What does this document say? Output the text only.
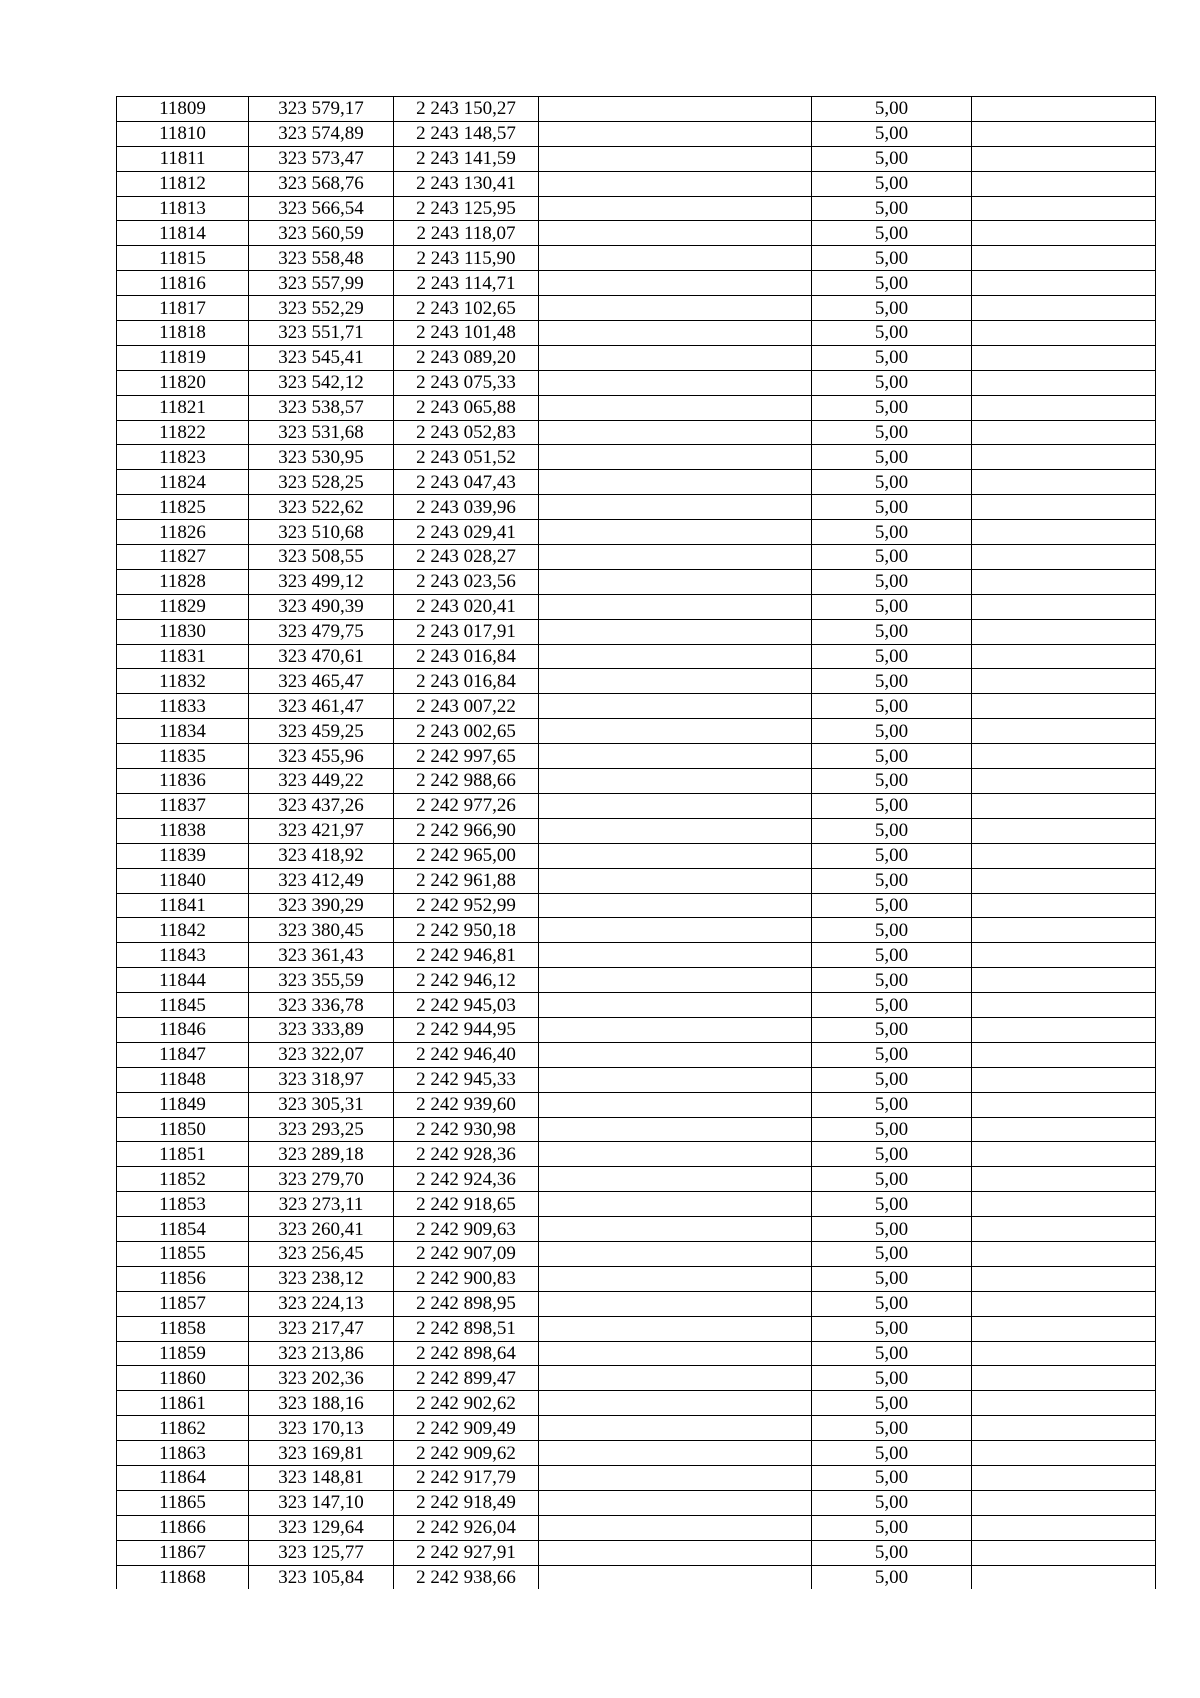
11809	323 579,17	2 243 150,27		5,00	
11810	323 574,89	2 243 148,57		5,00	
11811	323 573,47	2 243 141,59		5,00	
11812	323 568,76	2 243 130,41		5,00	
11813	323 566,54	2 243 125,95		5,00	
11814	323 560,59	2 243 118,07		5,00	
11815	323 558,48	2 243 115,90		5,00	
11816	323 557,99	2 243 114,71		5,00	
11817	323 552,29	2 243 102,65		5,00	
11818	323 551,71	2 243 101,48		5,00	
11819	323 545,41	2 243 089,20		5,00	
11820	323 542,12	2 243 075,33		5,00	
11821	323 538,57	2 243 065,88		5,00	
11822	323 531,68	2 243 052,83		5,00	
11823	323 530,95	2 243 051,52		5,00	
11824	323 528,25	2 243 047,43		5,00	
11825	323 522,62	2 243 039,96		5,00	
11826	323 510,68	2 243 029,41		5,00	
11827	323 508,55	2 243 028,27		5,00	
11828	323 499,12	2 243 023,56		5,00	
11829	323 490,39	2 243 020,41		5,00	
11830	323 479,75	2 243 017,91		5,00	
11831	323 470,61	2 243 016,84		5,00	
11832	323 465,47	2 243 016,84		5,00	
11833	323 461,47	2 243 007,22		5,00	
11834	323 459,25	2 243 002,65		5,00	
11835	323 455,96	2 242 997,65		5,00	
11836	323 449,22	2 242 988,66		5,00	
11837	323 437,26	2 242 977,26		5,00	
11838	323 421,97	2 242 966,90		5,00	
11839	323 418,92	2 242 965,00		5,00	
11840	323 412,49	2 242 961,88		5,00	
11841	323 390,29	2 242 952,99		5,00	
11842	323 380,45	2 242 950,18		5,00	
11843	323 361,43	2 242 946,81		5,00	
11844	323 355,59	2 242 946,12		5,00	
11845	323 336,78	2 242 945,03		5,00	
11846	323 333,89	2 242 944,95		5,00	
11847	323 322,07	2 242 946,40		5,00	
11848	323 318,97	2 242 945,33		5,00	
11849	323 305,31	2 242 939,60		5,00	
11850	323 293,25	2 242 930,98		5,00	
11851	323 289,18	2 242 928,36		5,00	
11852	323 279,70	2 242 924,36		5,00	
11853	323 273,11	2 242 918,65		5,00	
11854	323 260,41	2 242 909,63		5,00	
11855	323 256,45	2 242 907,09		5,00	
11856	323 238,12	2 242 900,83		5,00	
11857	323 224,13	2 242 898,95		5,00	
11858	323 217,47	2 242 898,51		5,00	
11859	323 213,86	2 242 898,64		5,00	
11860	323 202,36	2 242 899,47		5,00	
11861	323 188,16	2 242 902,62		5,00	
11862	323 170,13	2 242 909,49		5,00	
11863	323 169,81	2 242 909,62		5,00	
11864	323 148,81	2 242 917,79		5,00	
11865	323 147,10	2 242 918,49		5,00	
11866	323 129,64	2 242 926,04		5,00	
11867	323 125,77	2 242 927,91		5,00	
11868	323 105,84	2 242 938,66		5,00	
